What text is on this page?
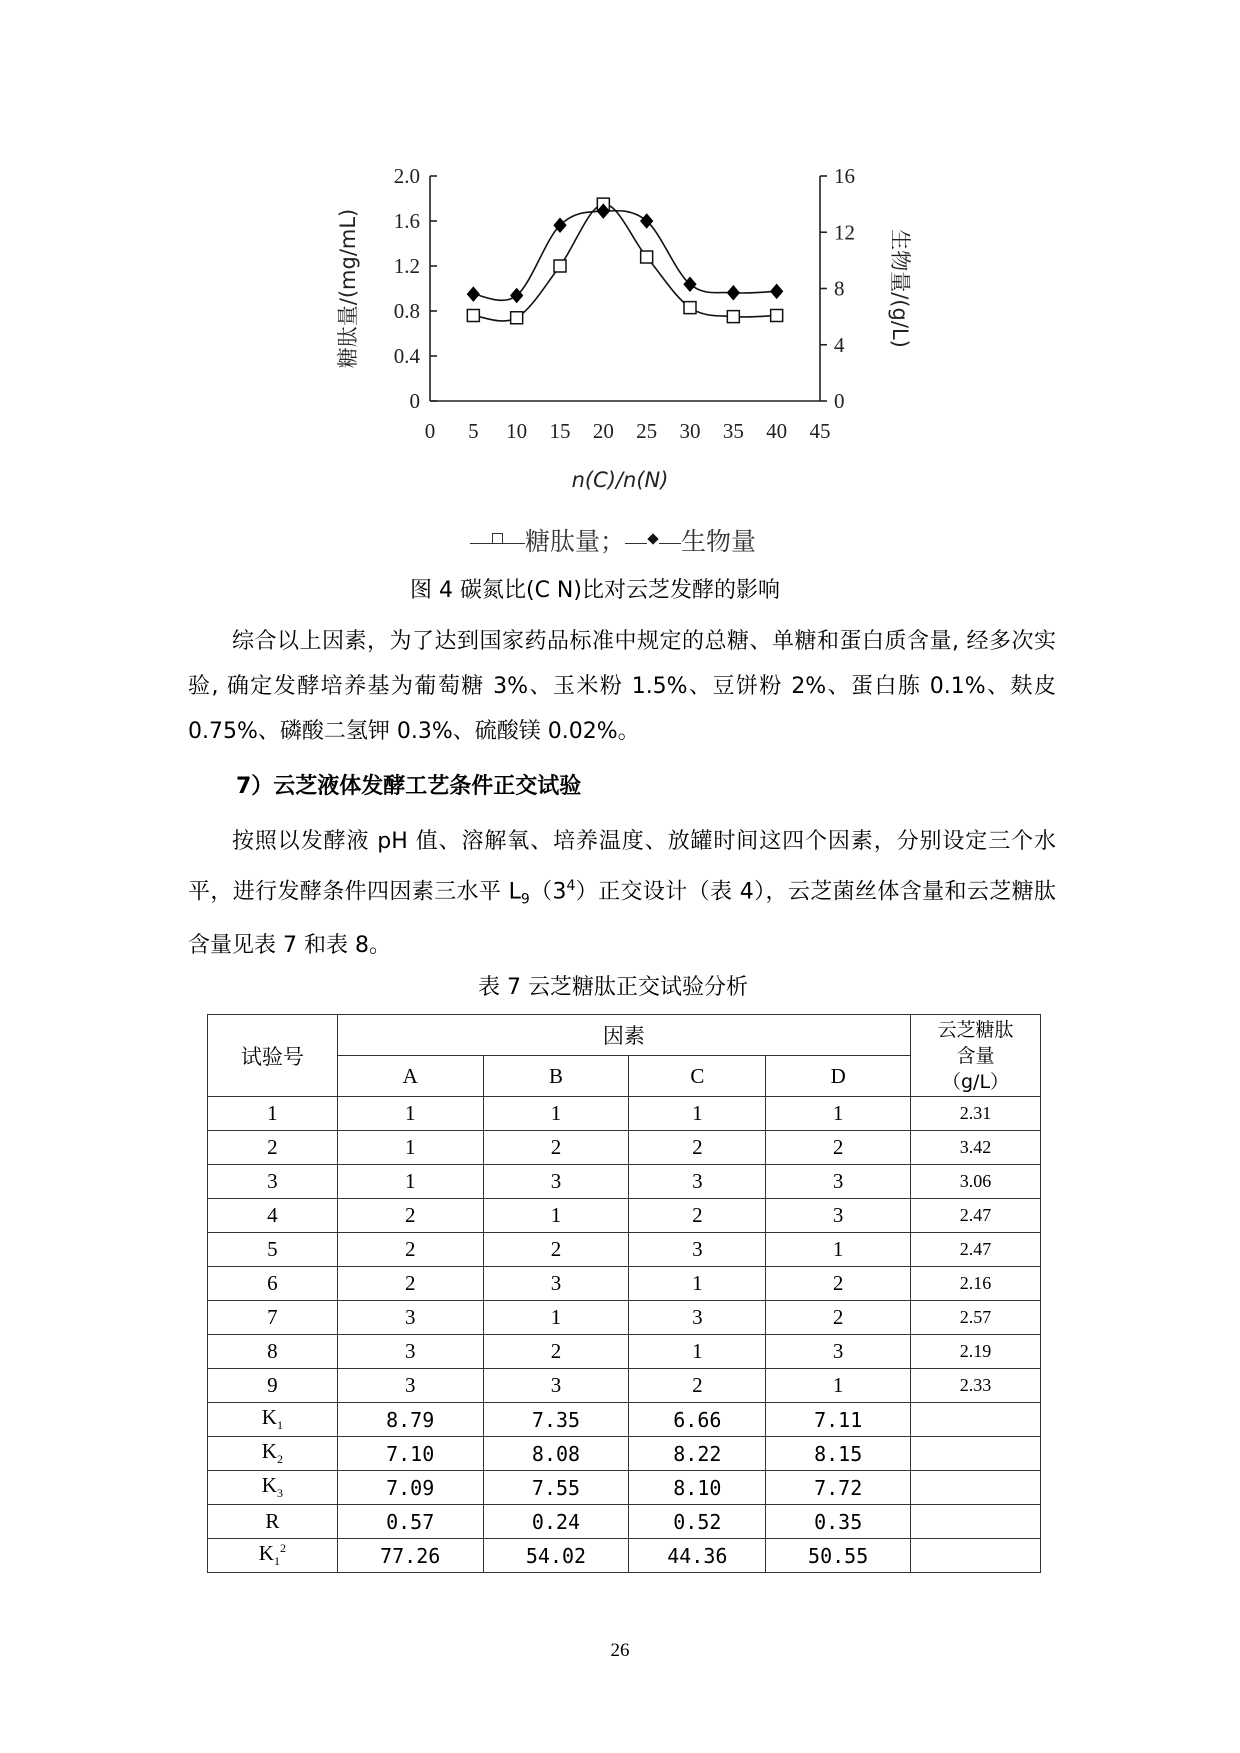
0
0.4
0.8
1.2
1.6
2.0
0
4
8
12
16
0 5 10 15 20 25 30 35 40 45
n(C)/n(N)
糖肽量/(mg/mL)	生物量/(g/L)
糖肽量； 生物量
图 4 碳氮比(C N)比对云芝发酵的影响
综合以上因素，为了达到国家药品标准中规定的总糖、单糖和蛋白质含量, 经多次实验, 确定发酵培养基为葡萄糖 3%、玉米粉 1.5%、豆饼粉 2%、蛋白胨 0.1%、麸皮 0.75%、磷酸二氢钾 0.3%、硫酸镁 0.02%。
7）云芝液体发酵工艺条件正交试验
按照以发酵液 pH 值、溶解氧、培养温度、放罐时间这四个因素，分别设定三个水平，进行发酵条件四因素三水平 $L_9(3^4)$正交设计（表 4），云芝菌丝体含量和云芝糖肽含量见表 7 和表 8。
表 7 云芝糖肽正交试验分析
试验号	因素				云芝糖肽
含量
（g/L）

	A	B	C	D	
1	1	1	1	1	2.31
2	1	2	2	2	3.42
3	1	3	3	3	3.06
4	2	1	2	3	2.47
5	2	2	3	1	2.47
6	2	3	1	2	2.16
7	3	1	3	2	2.57
8	3	2	1	3	2.19
9	3	3	2	1	2.33
$K_1$	8.79	7.35	6.66	7.11	
$K_2$	7.10	8.08	8.22	8.15	
$K_3$	7.09	7.55	8.10	7.72	
R	0.57	0.24	0.52	0.35	
$K_1^2$	77.26	54.02	44.36	50.55	
26
